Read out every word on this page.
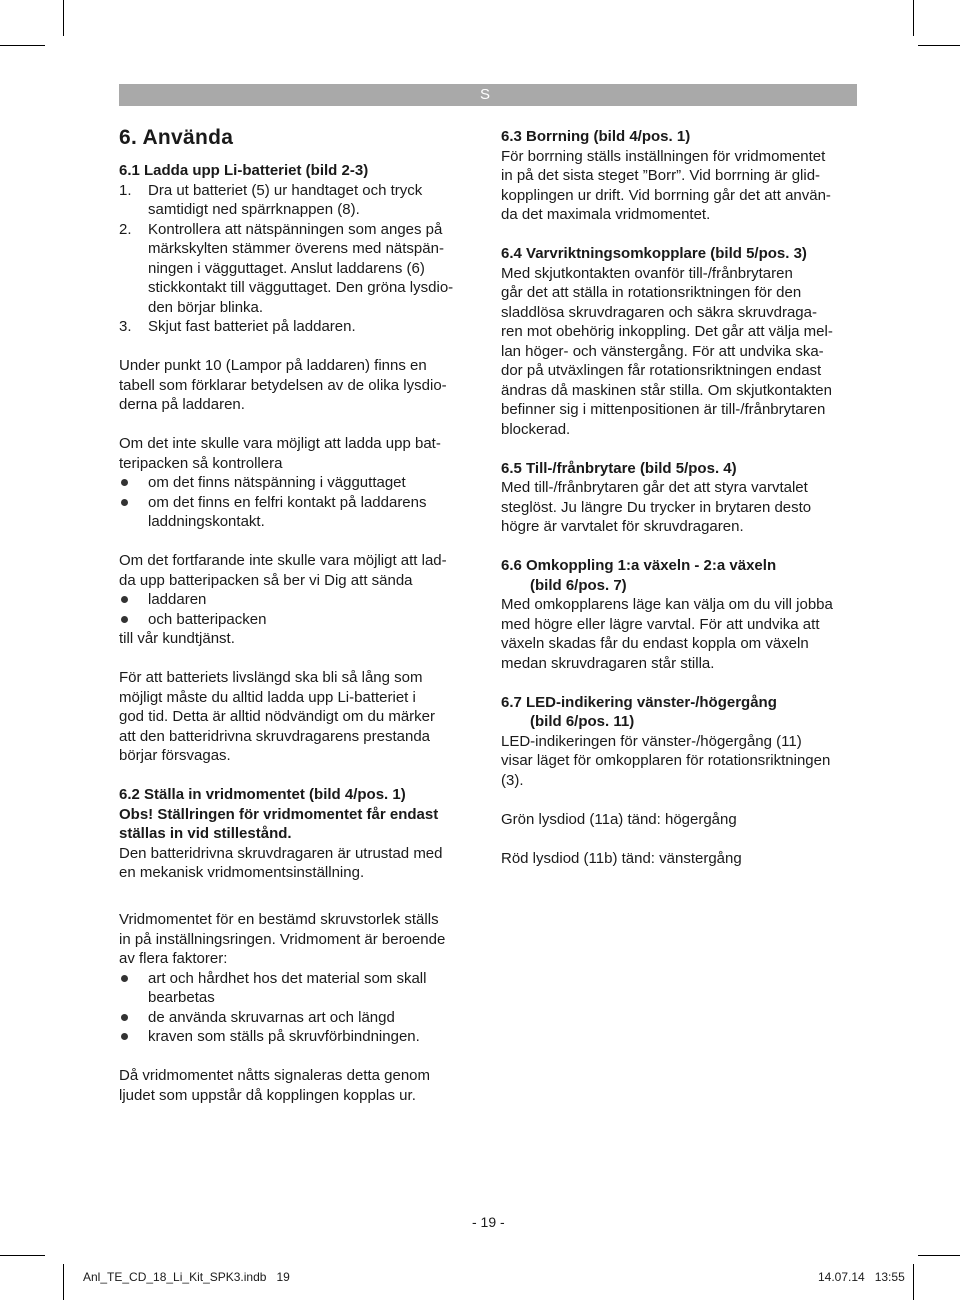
S
6. Använda

6.1 Ladda upp Li-batteriet (bild 2-3)

1. Dra ut batteriet (5) ur handtaget och tryck
samtidigt ned spärrknappen (8).
2. Kontrollera att nätspänningen som anges på
märkskylten stämmer överens med nätspän-
ningen i vägguttaget. Anslut laddarens (6)
stickkontakt till vägguttaget. Den gröna lysdio-
den börjar blinka.
3. Skjut fast batteriet på laddaren.
Under punkt 10 (Lampor på laddaren) finns en
tabell som förklarar betydelsen av de olika lysdio-
derna på laddaren.
Om det inte skulle vara möjligt att ladda upp bat-
teripacken så kontrollera
om det finns nätspänning i vägguttaget
om det finns en felfri kontakt på laddarens
laddningskontakt.
Om det fortfarande inte skulle vara möjligt att lad-
da upp batteripacken så ber vi Dig att sända
laddaren
och batteripacken
till vår kundtjänst.
För att batteriets livslängd ska bli så lång som
möjligt måste du alltid ladda upp Li-batteriet i
god tid. Detta är alltid nödvändigt om du märker
att den batteridrivna skruvdragarens prestanda
börjar försvagas.

6.2 Ställa in vridmomentet (bild 4/pos. 1)

Obs! Ställringen för vridmomentet får endast

ställas in vid stillestånd.

Den batteridrivna skruvdragaren är utrustad med
en mekanisk vridmomentsinställning.
Vridmomentet för en bestämd skruvstorlek ställs
in på inställningsringen. Vridmoment är beroende
av flera faktorer:
art och hårdhet hos det material som skall
bearbetas
de använda skruvarnas art och längd
kraven som ställs på skruvförbindningen.
Då vridmomentet nåtts signaleras detta genom
ljudet som uppstår då kopplingen kopplas ur.

6.3 Borrning (bild 4/pos. 1)

För borrning ställs inställningen för vridmomentet
in på det sista steget ”Borr”. Vid borrning är glid-
kopplingen ur drift. Vid borrning går det att använ-
da det maximala vridmomentet.

6.4 Varvriktningsomkopplare (bild 5/pos. 3)

Med skjutkontakten ovanför till-/frånbrytaren
går det att ställa in rotationsriktningen för den
sladdlösa skruvdragaren och säkra skruvdraga-
ren mot obehörig inkoppling. Det går att välja mel-
lan höger- och vänstergång. För att undvika ska-
dor på utväxlingen får rotationsriktningen endast
ändras då maskinen står stilla. Om skjutkontakten
befinner sig i mittenpositionen är till-/frånbrytaren
blockerad.

6.5 Till-/frånbrytare (bild 5/pos. 4)

Med till-/frånbrytaren går det att styra varvtalet
steglöst. Ju längre Du trycker in brytaren desto
högre är varvtalet för skruvdragaren.

6.6 Omkoppling 1:a växeln - 2:a växeln

(bild 6/pos. 7)

Med omkopplarens läge kan välja om du vill jobba
med högre eller lägre varvtal. För att undvika att
växeln skadas får du endast koppla om växeln
medan skruvdragaren står stilla.

6.7 LED-indikering vänster-/högergång

(bild 6/pos. 11)

LED-indikeringen för vänster-/högergång (11)
visar läget för omkopplaren för rotationsriktningen
(3).
Grön lysdiod (11a) tänd: högergång
Röd lysdiod (11b) tänd: vänstergång
- 19 -
Anl_TE_CD_18_Li_Kit_SPK3.indb   19	14.07.14   13:55
